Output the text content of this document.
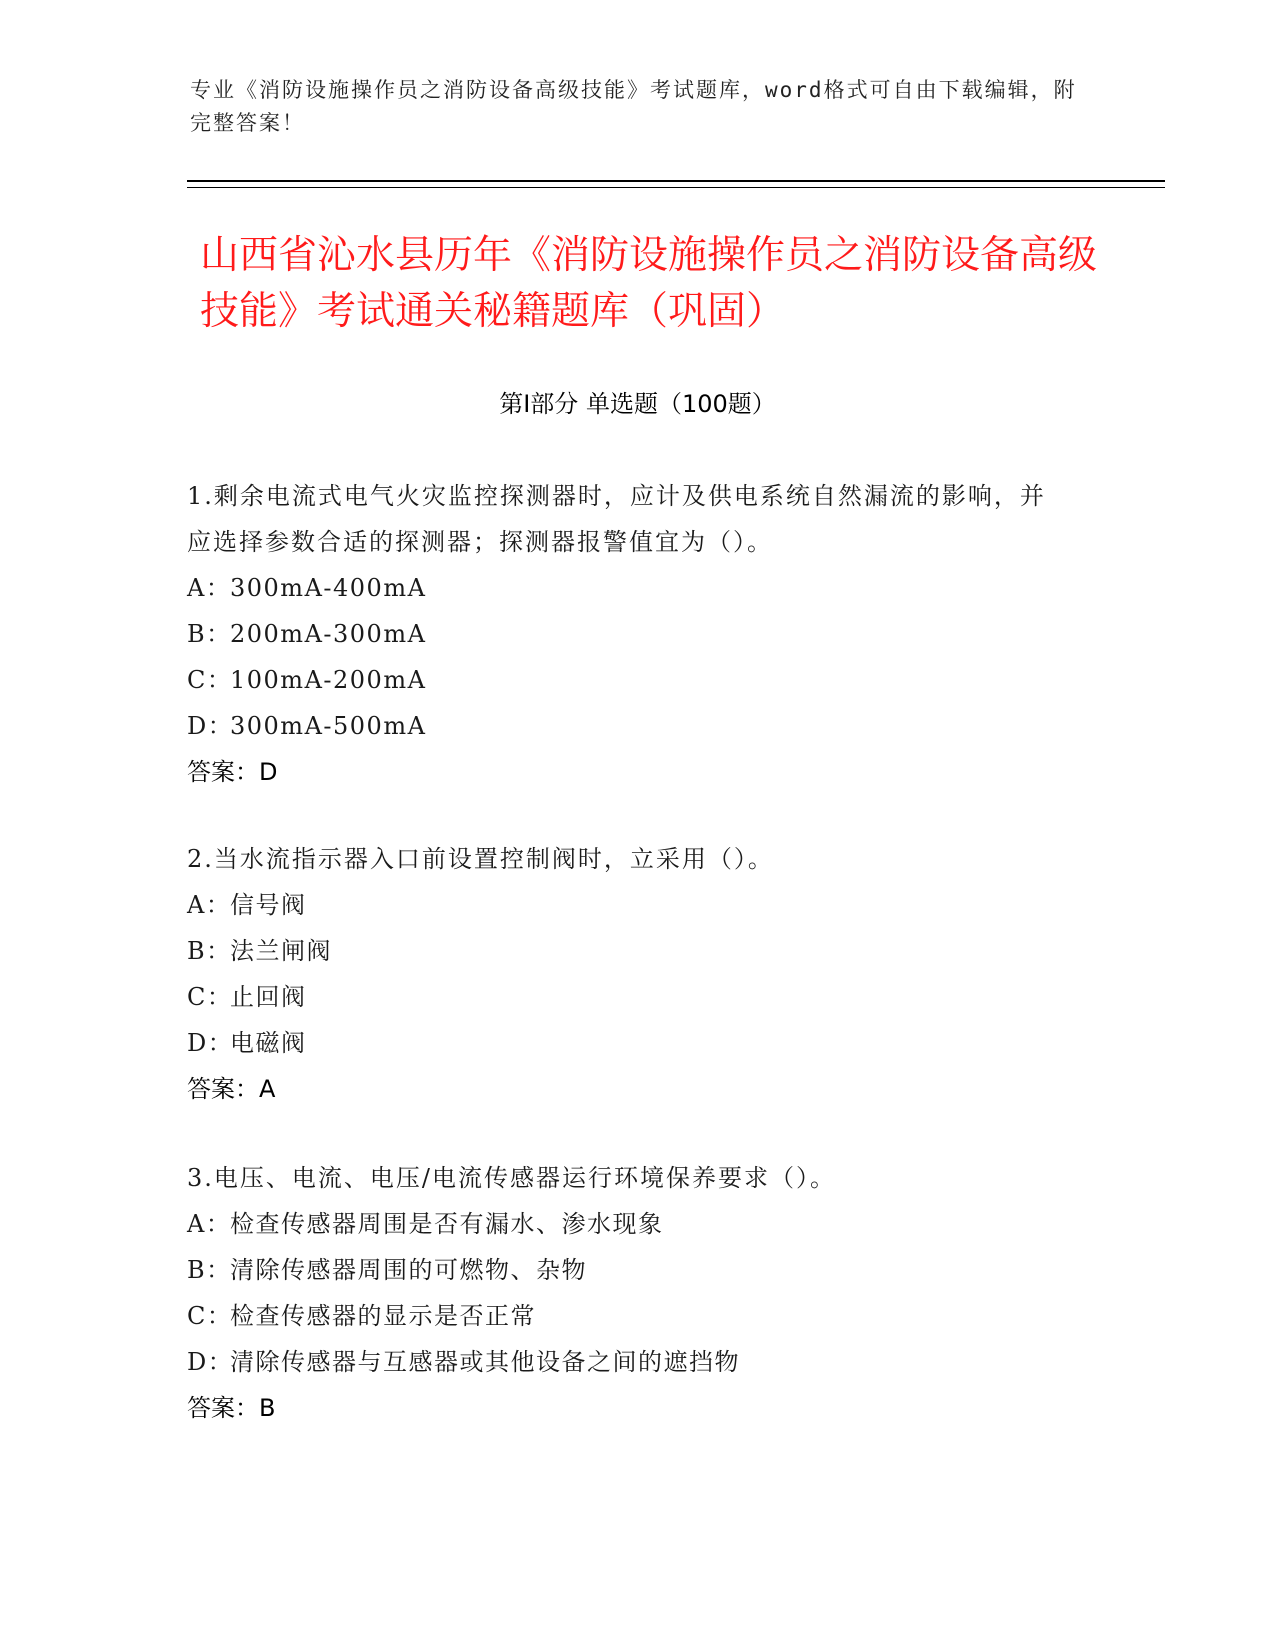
专业《消防设施操作员之消防设备高级技能》考试题库，word格式可自由下载编辑，附完整答案！
山西省沁水县历年《消防设施操作员之消防设备高级技能》考试通关秘籍题库（巩固）
第Ⅰ部分 单选题（100题）

1.剩余电流式电气火灾监控探测器时，应计及供电系统自然漏流的影响，并应选择参数合适的探测器；探测器报警值宜为（）。

A：
300mA-400mA

B：
200mA-300mA

C：
100mA-200mA

D：
300mA-500mA

答案：D

2.当水流指示器入口前设置控制阀时，立采用（）。

A：
信号阀

B：
法兰闸阀

C：
止回阀

D：
电磁阀

答案：A

3.电压、电流、电压/电流传感器运行环境保养要求（）。

A：
检查传感器周围是否有漏水、渗水现象

B：
清除传感器周围的可燃物、杂物

C：
检查传感器的显示是否正常

D：
清除传感器与互感器或其他设备之间的遮挡物

答案：B
